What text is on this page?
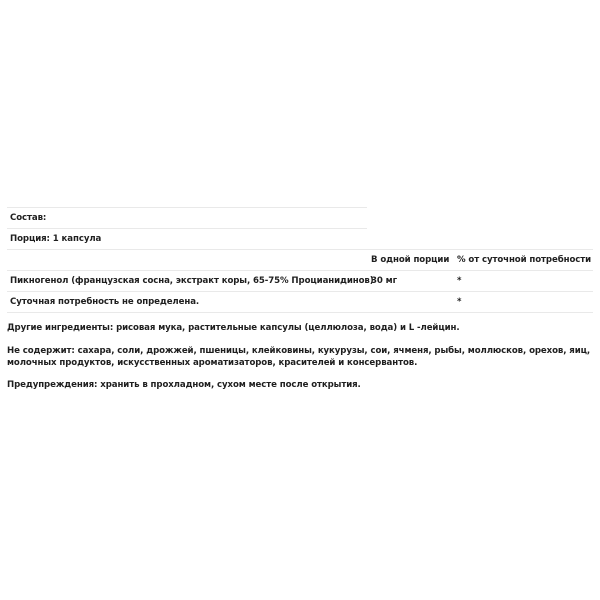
Состав:
Порция: 1 капсула
В одной порции % от суточной потребности
Пикногенол (французская сосна, экстракт коры, 65-75% Процианидинов)
30 мг	*
Суточная потребность не определена.	*
Другие ингредиенты: рисовая мука, растительные капсулы (целлюлоза, вода) и L -лейцин.
Не содержит: сахара, соли, дрожжей, пшеницы, клейковины, кукурузы, сои, ячменя, рыбы, моллюсков, орехов, яиц,
молочных продуктов, искусственных ароматизаторов, красителей и консервантов.
Предупреждения: хранить в прохладном, сухом месте после открытия.
